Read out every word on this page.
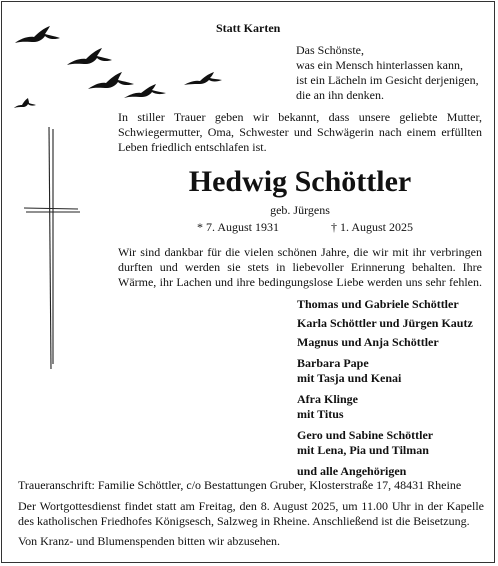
Statt Karten
Das Schönste,
was ein Mensch hinterlassen kann,
ist ein Lächeln im Gesicht derjenigen,
die an ihn denken.
In stiller Trauer geben wir bekannt, dass unsere geliebte Mutter,
Schwiegermutter, Oma, Schwester und Schwägerin nach einem erfüllten
Leben friedlich entschlafen ist.
Hedwig Schöttler
geb. Jürgens
* 7. August 1931	† 1. August 2025
Wir sind dankbar für die vielen schönen Jahre, die wir mit ihr verbringen
durften und werden sie stets in liebevoller Erinnerung behalten. Ihre
Wärme, ihr Lachen und ihre bedingungslose Liebe werden uns sehr fehlen.
Thomas und Gabriele Schöttler
Karla Schöttler und Jürgen Kautz
Magnus und Anja Schöttler
Barbara Pape
mit Tasja und Kenai
Afra Klinge
mit Titus
Gero und Sabine Schöttler
mit Lena, Pia und Tilman
und alle Angehörigen
Traueranschrift: Familie Schöttler, c/o Bestattungen Gruber, Klosterstraße 17, 48431 Rheine
Der Wortgottesdienst findet statt am Freitag, den 8. August 2025, um 11.00 Uhr in der Kapelle
des katholischen Friedhofes Königsesch, Salzweg in Rheine. Anschließend ist die Beisetzung.
Von Kranz- und Blumenspenden bitten wir abzusehen.
